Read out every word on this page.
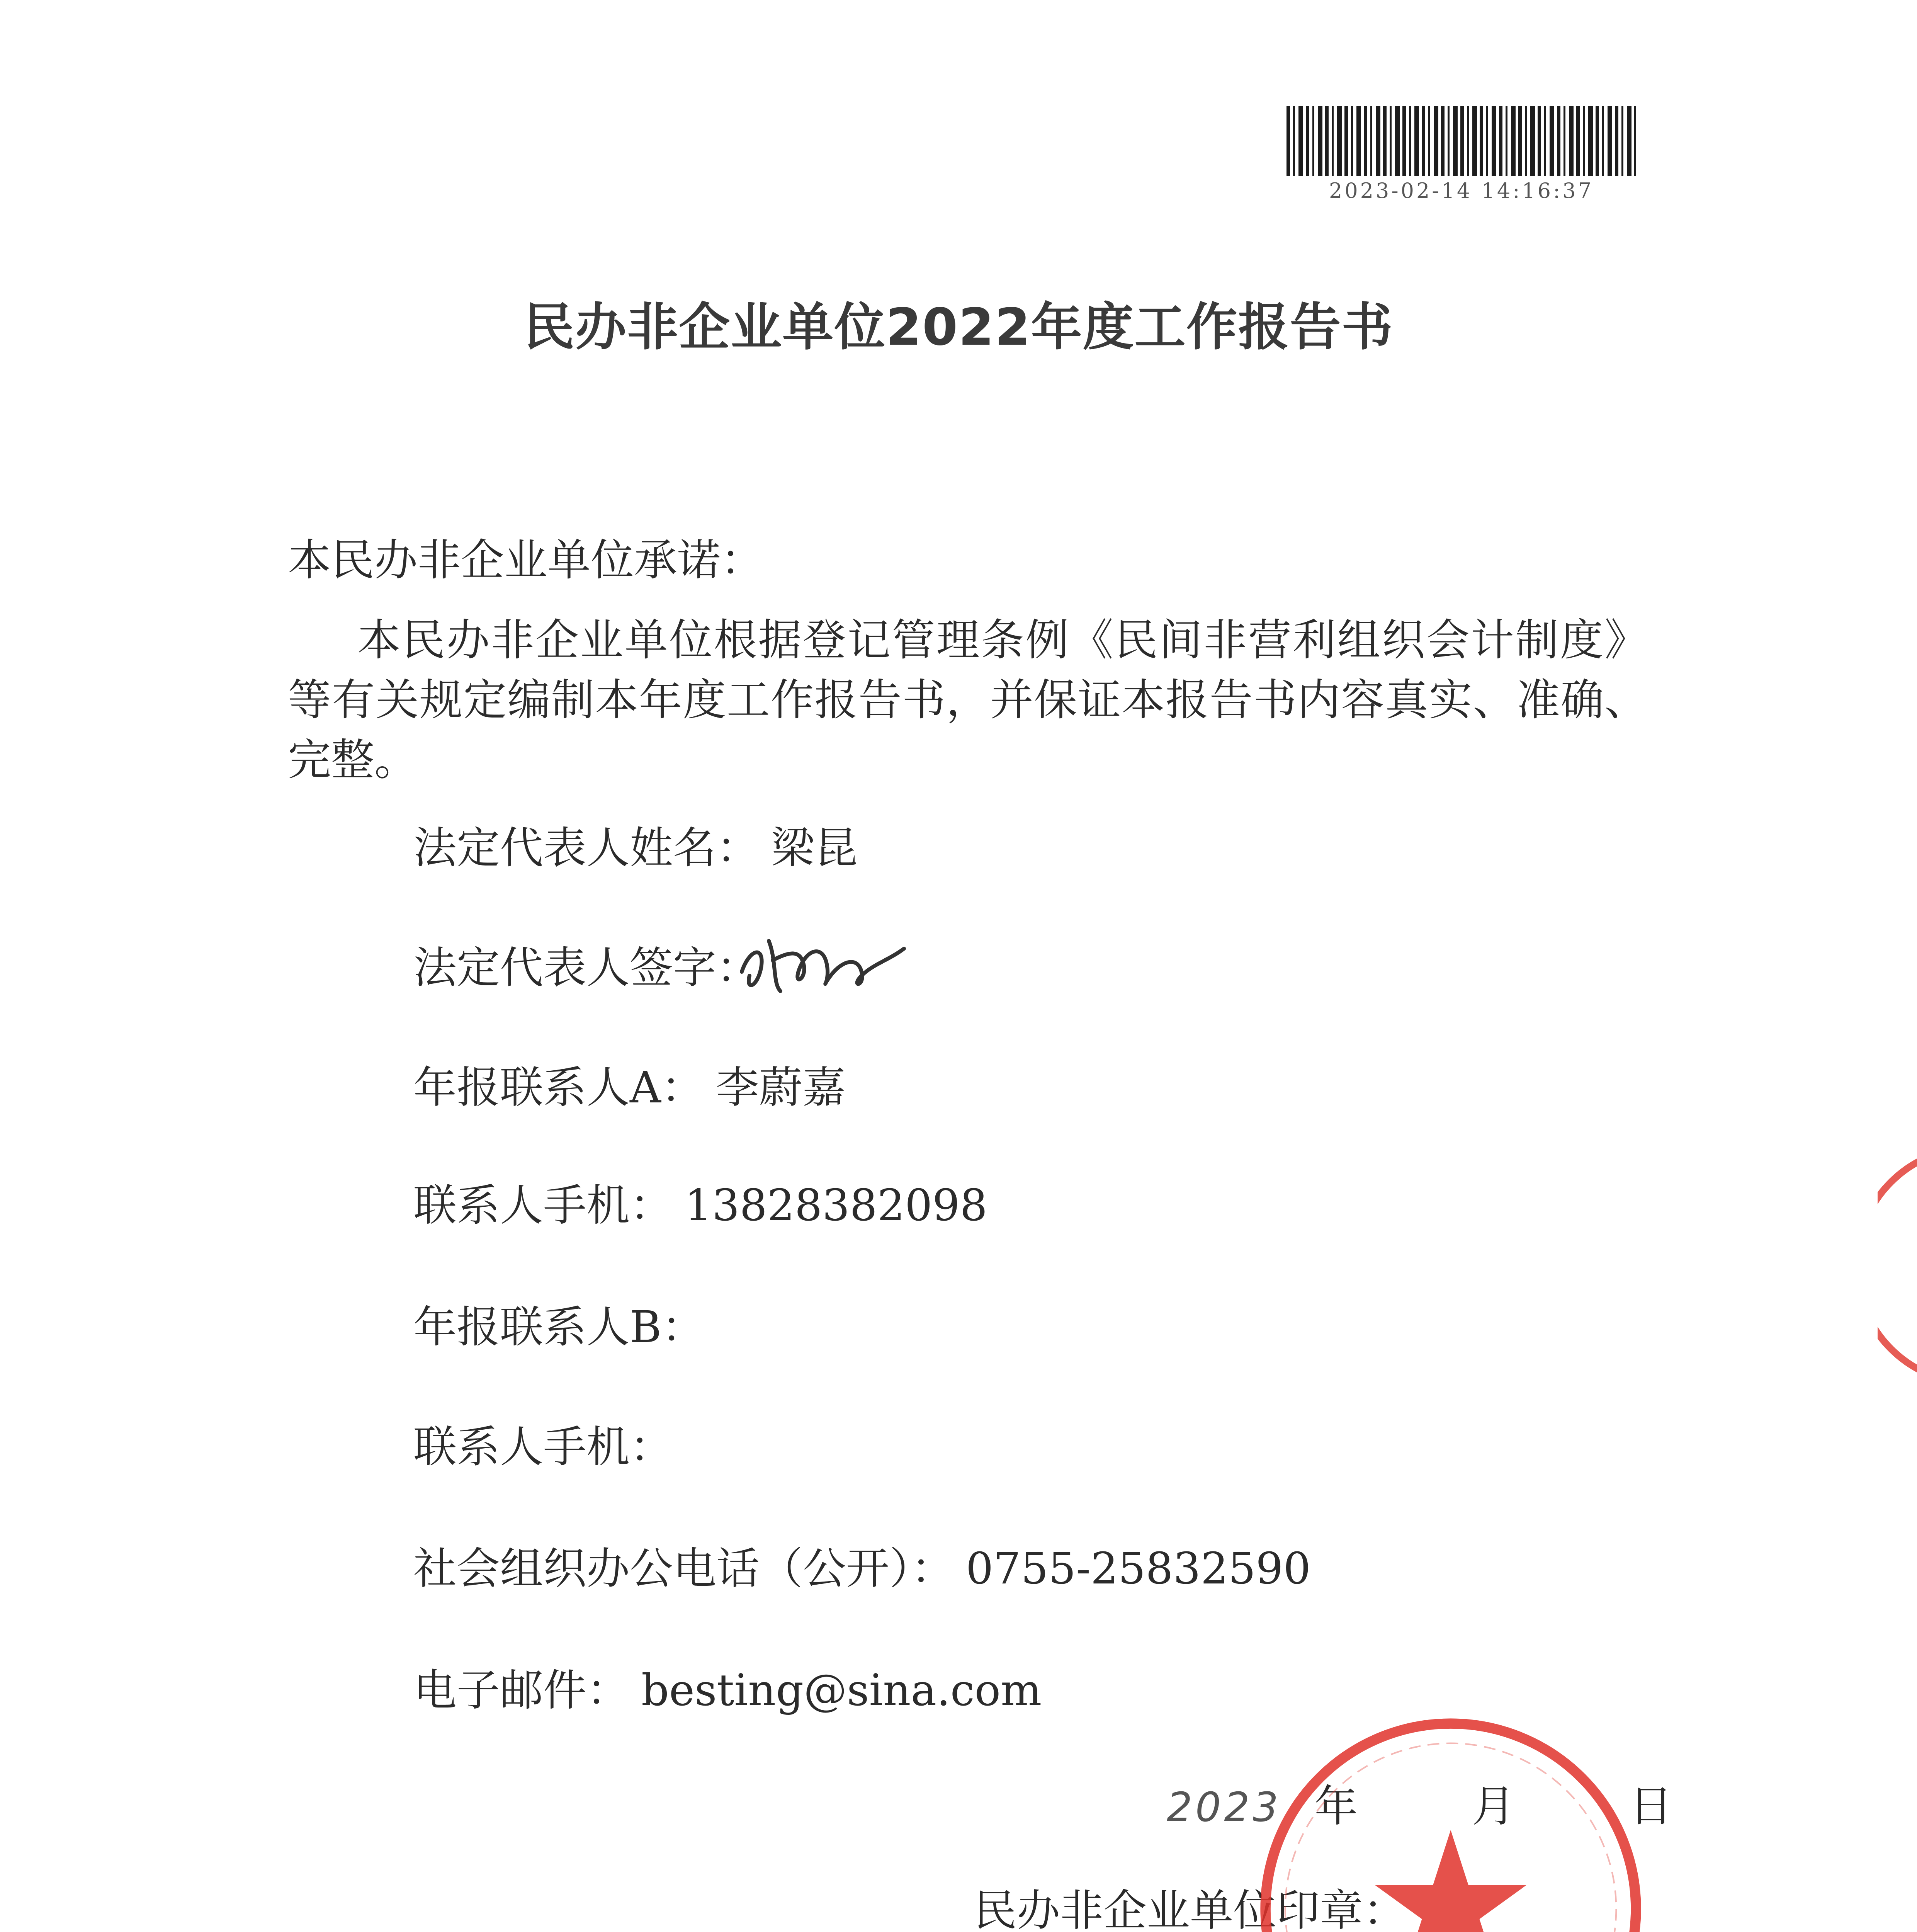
2023-02-14 14:16:37
民办非企业单位2022年度工作报告书
本民办非企业单位承诺：
本民办非企业单位根据登记管理条例《民间非营利组织会计制度》等有关规定编制本年度工作报告书，并保证本报告书内容真实、准确、完整。
法定代表人姓名： 梁昆
法定代表人签字：
年报联系人A： 李蔚嘉
联系人手机： 13828382098
年报联系人B：
联系人手机：
社会组织办公电话（公开）： 0755-25832590
电子邮件： besting@sina.com
2023 年	月	日
民办非企业单位印章：
